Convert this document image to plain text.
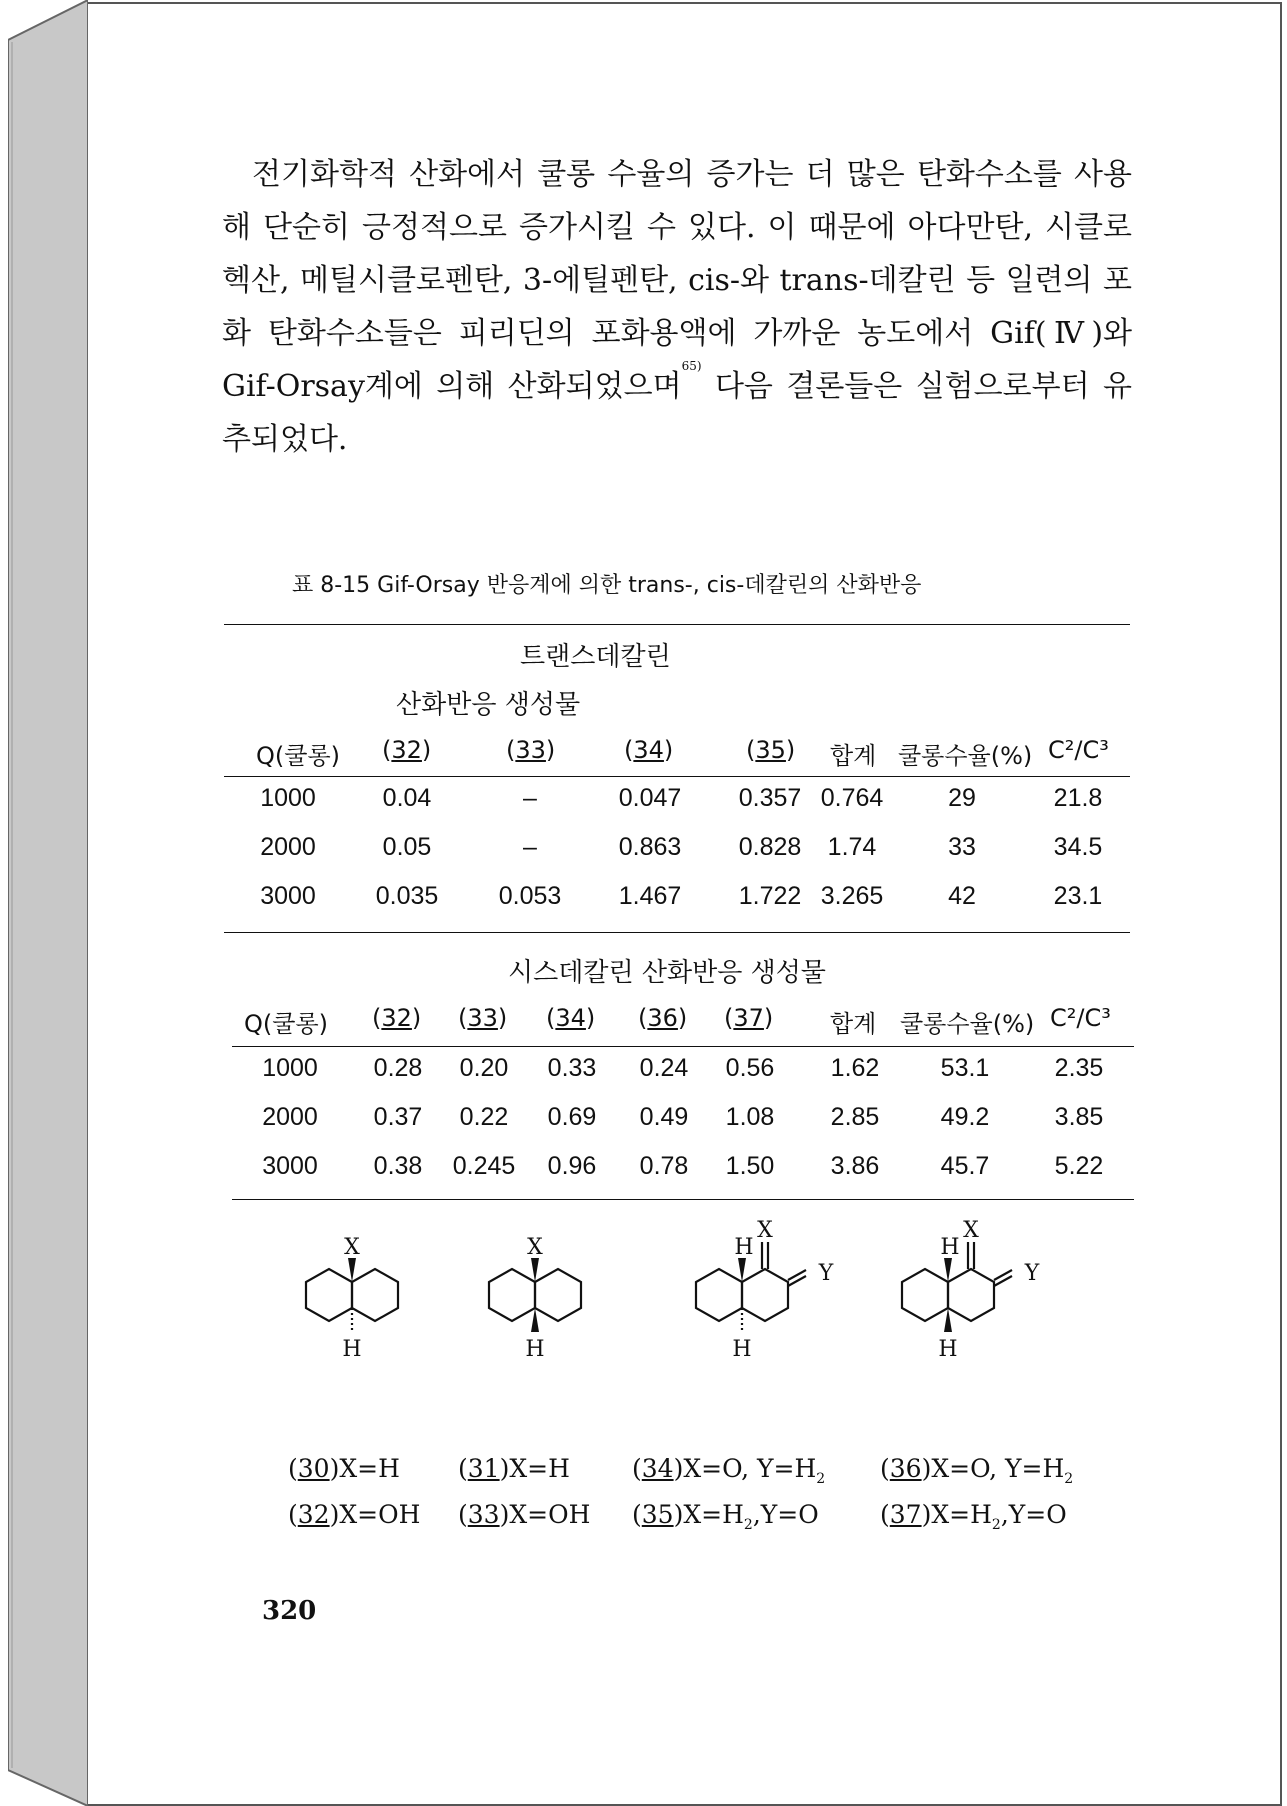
전기화학적 산화에서 쿨롱 수율의 증가는 더 많은 탄화수소를 사용해 단순히 긍정적으로 증가시킬 수 있다. 이 때문에 아다만탄, 시클로헥산, 메틸시클로펜탄, 3-에틸펜탄, cis-와 trans-데칼린 등 일련의 포화 탄화수소들은 피리딘의 포화용액에 가까운 농도에서 Gif(Ⅳ)와 Gif-Orsay계에 의해 산화되었으며$^{65)}$ 다음 결론들은 실험으로부터 유추되었다.
표 8-15 Gif-Orsay 반응계에 의한 trans-, cis-데칼린의 산화반응
트랜스데칼린
산화반응 생성물
Q(쿨롱) (32)	(33)	(34)	(35) 합계 쿨롱수율(%) C²/C³
1000	0.04	–	0.047 0.357 0.764	29	21.8
2000	0.05	–	0.863 0.828 1.74	33	34.5
3000 0.035 0.053 1.467 1.722 3.265	42	23.1
시스데칼린 산화반응 생성물
Q(쿨롱) (32) (33) (34) (36) (37) 합계 쿨롱수율(%) C²/C³
1000 0.28 0.20 0.33 0.24 0.56 1.62 53.1	2.35
2000 0.37 0.22 0.69 0.49 1.08 2.85 49.2	3.85
3000 0.38 0.245 0.96 0.78 1.50 3.86 45.7	5.22
X
H
X
H
X
Y
H
H
X
Y
H
H
(30)X=H (31)X=H (34)X=O, $Y=H_2$ (36)X=O, $Y=H_2$
(32)X=OH (33)X=OH $(35)X=H_2,Y=O$ $(37)X=H_2,Y=O$
320
